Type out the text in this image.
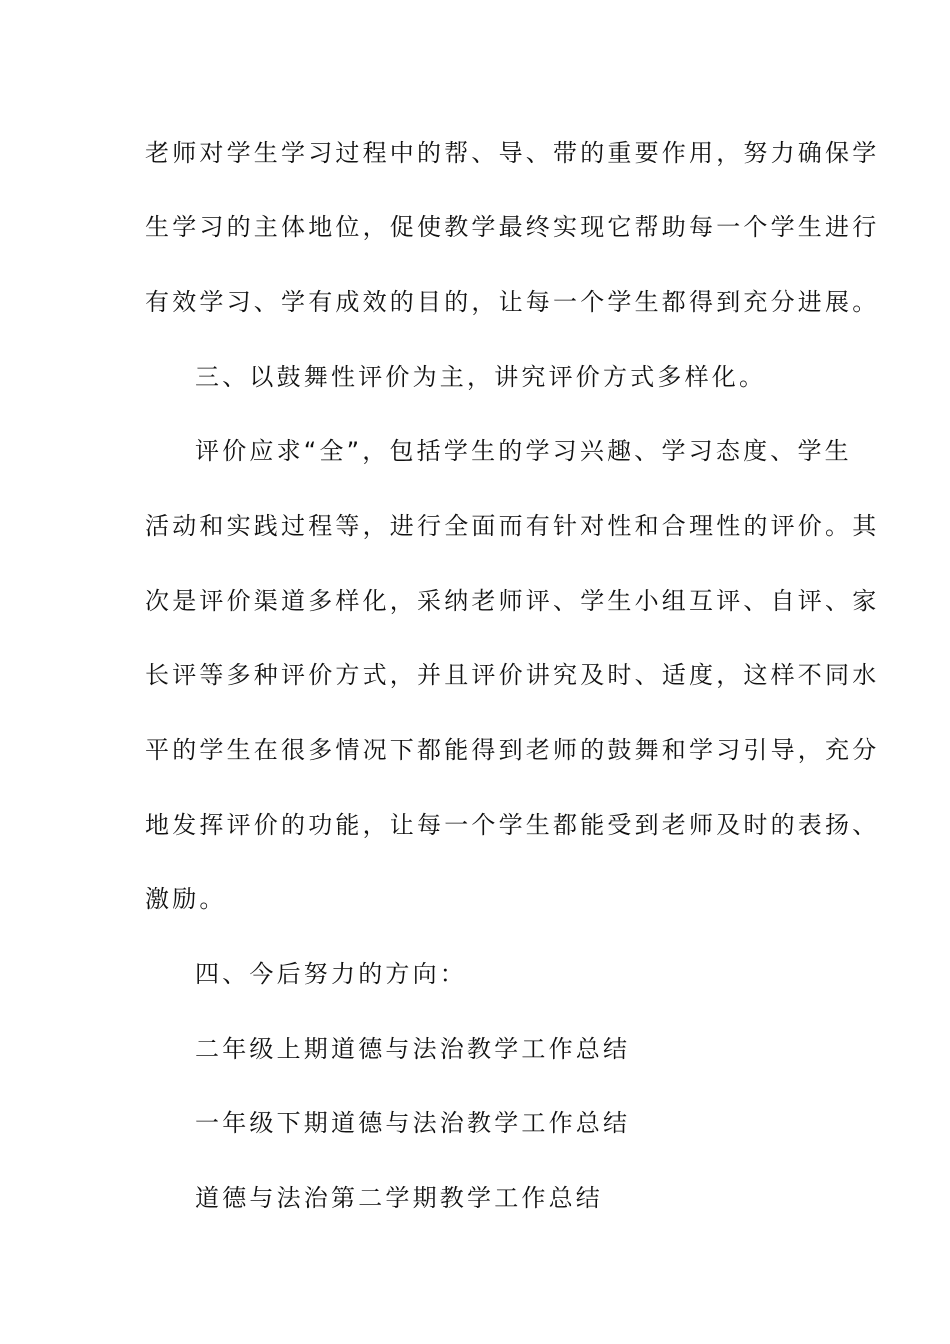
老师对学生学习过程中的帮、导、带的重要作用，努力确保学
生学习的主体地位，促使教学最终实现它帮助每一个学生进行
有效学习、学有成效的目的，让每一个学生都得到充分进展。
三、以鼓舞性评价为主，讲究评价方式多样化。
评价应求“全”，包括学生的学习兴趣、学习态度、学生
活动和实践过程等，进行全面而有针对性和合理性的评价。其
次是评价渠道多样化，采纳老师评、学生小组互评、自评、家
长评等多种评价方式，并且评价讲究及时、适度，这样不同水
平的学生在很多情况下都能得到老师的鼓舞和学习引导，充分
地发挥评价的功能，让每一个学生都能受到老师及时的表扬、
激励。
四、今后努力的方向：
二年级上期道德与法治教学工作总结
一年级下期道德与法治教学工作总结
道德与法治第二学期教学工作总结
